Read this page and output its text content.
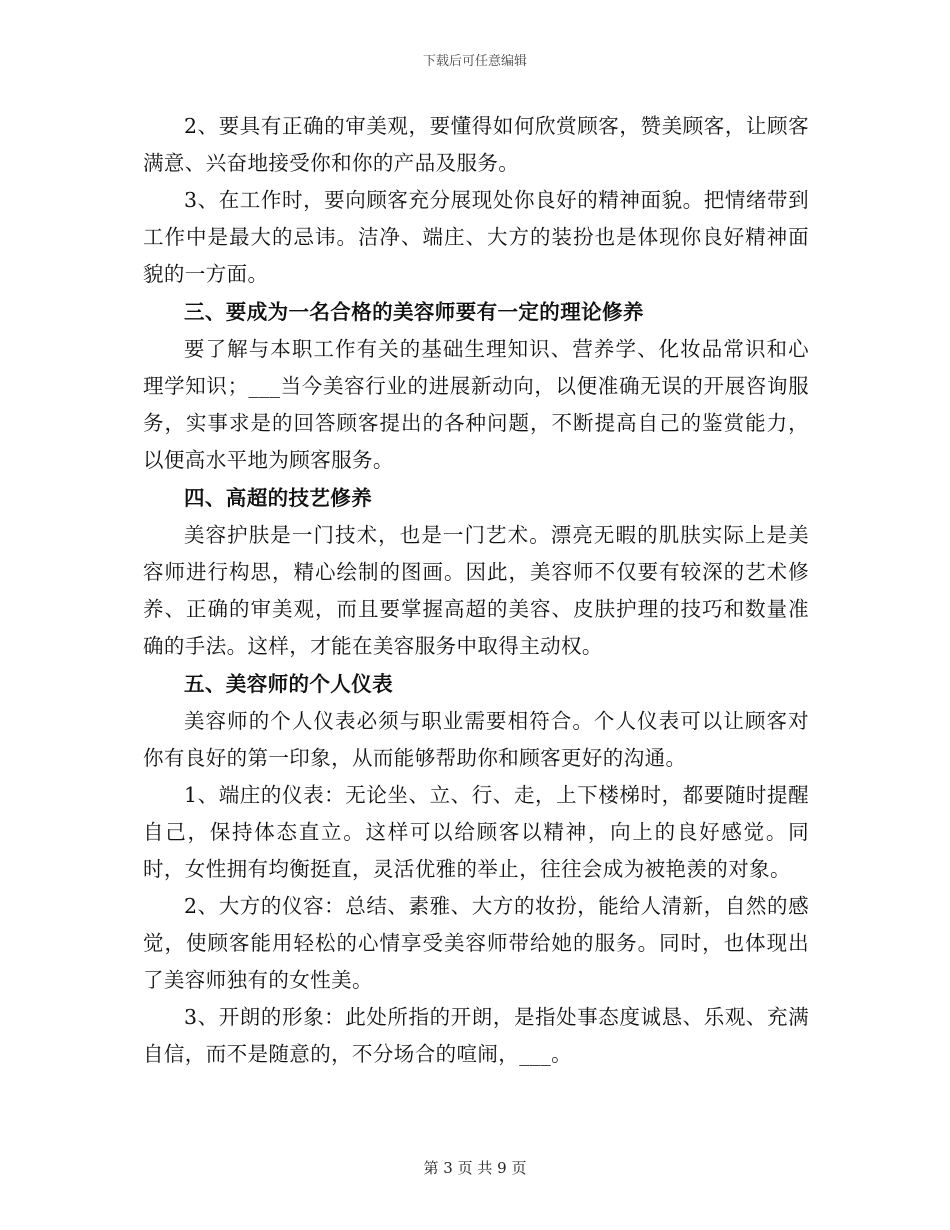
下载后可任意编辑

2、要具有正确的审美观，要懂得如何欣赏顾客，赞美顾客，让顾客满意、兴奋地接受你和你的产品及服务。

3、在工作时，要向顾客充分展现处你良好的精神面貌。把情绪带到工作中是最大的忌讳。洁净、端庄、大方的装扮也是体现你良好精神面貌的一方面。

三、要成为一名合格的美容师要有一定的理论修养

要了解与本职工作有关的基础生理知识、营养学、化妆品常识和心理学知识；___当今美容行业的进展新动向，以便准确无误的开展咨询服务，实事求是的回答顾客提出的各种问题，不断提高自己的鉴赏能力，以便高水平地为顾客服务。

四、高超的技艺修养

美容护肤是一门技术，也是一门艺术。漂亮无暇的肌肤实际上是美容师进行构思，精心绘制的图画。因此，美容师不仅要有较深的艺术修养、正确的审美观，而且要掌握高超的美容、皮肤护理的技巧和数量准确的手法。这样，才能在美容服务中取得主动权。

五、美容师的个人仪表

美容师的个人仪表必须与职业需要相符合。个人仪表可以让顾客对你有良好的第一印象，从而能够帮助你和顾客更好的沟通。

1、端庄的仪表：无论坐、立、行、走，上下楼梯时，都要随时提醒自己，保持体态直立。这样可以给顾客以精神，向上的良好感觉。同时，女性拥有均衡挺直，灵活优雅的举止，往往会成为被艳羡的对象。

2、大方的仪容：总结、素雅、大方的妆扮，能给人清新，自然的感觉，使顾客能用轻松的心情享受美容师带给她的服务。同时，也体现出了美容师独有的女性美。

3、开朗的形象：此处所指的开朗，是指处事态度诚恳、乐观、充满自信，而不是随意的，不分场合的喧闹，___。

第 3 页 共 9 页
